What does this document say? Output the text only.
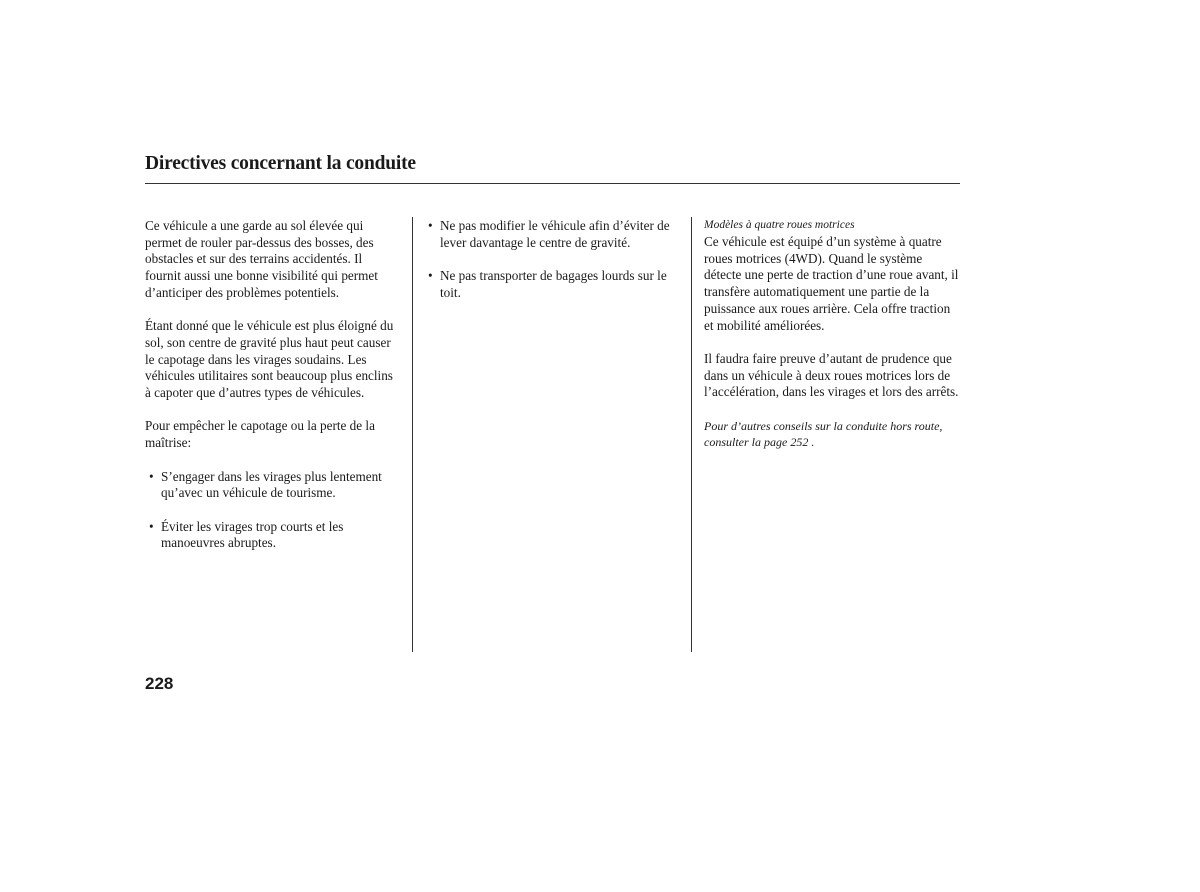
Directives concernant la conduite

Ce véhicule a une garde au sol élevée qui permet de rouler par-dessus des bosses, des obstacles et sur des terrains accidentés. Il fournit aussi une bonne visibilité qui permet d’anticiper des problèmes potentiels.

Étant donné que le véhicule est plus éloigné du sol, son centre de gravité plus haut peut causer le capotage dans les virages soudains. Les véhicules utilitaires sont beaucoup plus enclins à capoter que d’autres types de véhicules.

Pour empêcher le capotage ou la perte de la maîtrise:

• S’engager dans les virages plus lentement qu’avec un véhicule de tourisme.
• Éviter les virages trop courts et les manoeuvres abruptes.
• Ne pas modifier le véhicule afin d’éviter de lever davantage le centre de gravité.
• Ne pas transporter de bagages lourds sur le toit.

Modèles à quatre roues motrices

Ce véhicule est équipé d’un système à quatre roues motrices (4WD). Quand le système détecte une perte de traction d’une roue avant, il transfère automatiquement une partie de la puissance aux roues arrière. Cela offre traction et mobilité améliorées.

Il faudra faire preuve d’autant de prudence que dans un véhicule à deux roues motrices lors de l’accélération, dans les virages et lors des arrêts.

Pour d’autres conseils sur la conduite hors route, consulter la page 252 .

228
